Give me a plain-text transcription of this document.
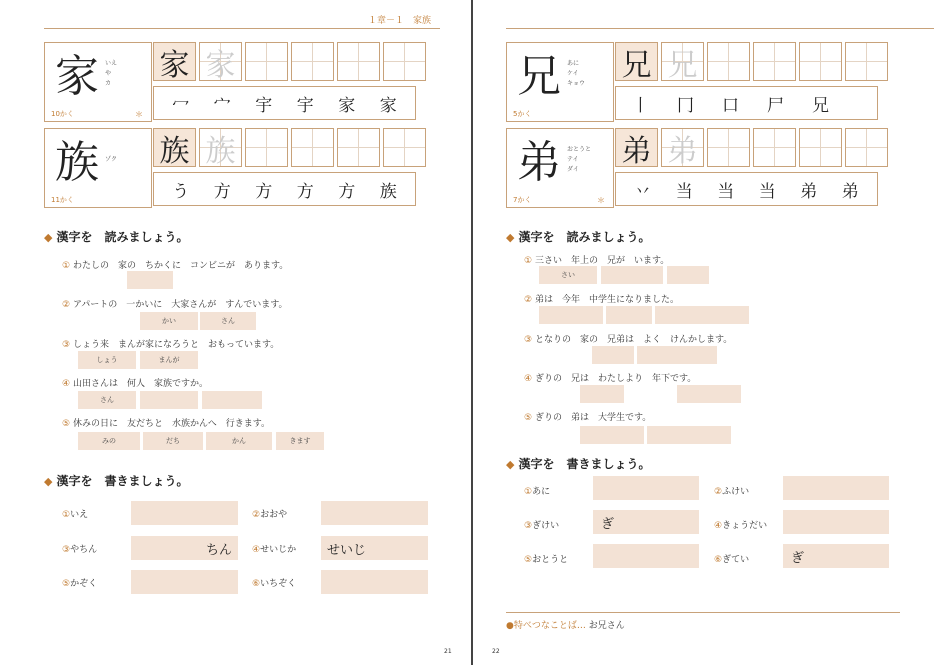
１章－１　家族
家 いえ
や
カ
10かく	＊
家 家
冖 宀 宇 宇 家 家
族 ゾク
11かく
族 族
う 方 方 方 方 族
◆ 漢字を　読みましょう。
① わたしの　家の　ちかくに　コンビニが　あります。
② アパートの　一かいに　大家さんが　すんでいます。
かい	さん
③ しょう来　まんが家になろうと　おもっています。
しょう	まんが
④ 山田さんは　何人　家族ですか。
さん
⑤ 休みの日に　友だちと　水族かんへ　行きます。
みの	だち	かん	きます
◆ 漢字を　書きましょう。
①いえ	②おおや
③やちん	ちん	④せいじか	せいじ
⑤かぞく	⑥いちぞく
21
兄 あに
ケイ
キョウ
5かく
兄 兄
丨 冂 口 尸 兄
弟 おとうと
テイ
ダイ
7かく	＊
弟 弟
丷 当 当 当 弟 弟
◆ 漢字を　読みましょう。
① 三さい　年上の　兄が　います。
さい
② 弟は　今年　中学生になりました。
③ となりの　家の　兄弟は　よく　けんかします。
④ ぎりの　兄は　わたしより　年下です。
⑤ ぎりの　弟は　大学生です。
◆ 漢字を　書きましょう。
①あに	②ふけい
③ぎけい	ぎ	④きょうだい
⑤おとうと	⑥ぎてい	ぎ
●特べつなことば… お兄さん
22
